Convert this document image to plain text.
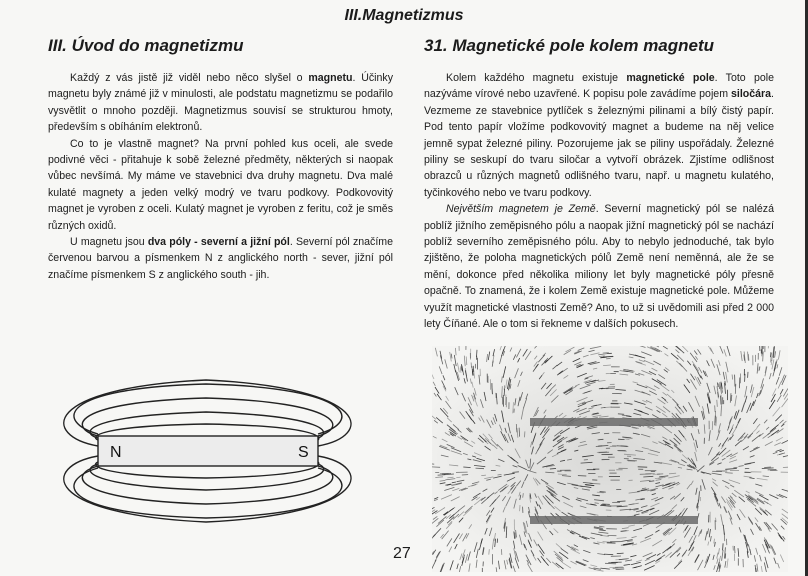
III.Magnetizmus
III. Úvod do magnetizmu

Každý z vás jistě již viděl nebo něco slyšel o magnetu. Účinky magnetu byly známé již v minulosti, ale podstatu magnetizmu se podařilo vysvětlit o mnoho později. Magnetizmus souvisí se strukturou hmoty, především s obíháním elektronů.

Co to je vlastně magnet? Na první pohled kus oceli, ale svede podivné věci - přitahuje k sobě železné předměty, některých si naopak vůbec nevšímá. My máme ve stavebnici dva druhy magnetu. Dva malé kulaté magnety a jeden velký modrý ve tvaru podkovy. Podkovovitý magnet je vyroben z oceli. Kulatý magnet je vyroben z feritu, což je směs různých oxidů.

U magnetu jsou dva póly - severní a jižní pól. Severní pól značíme červenou barvou a písmenkem N z anglického north - sever, jižní pól značíme písmenkem S z anglického south - jih.

N	S
31. Magnetické pole kolem magnetu

Kolem každého magnetu existuje magnetické pole. Toto pole nazýváme vírové nebo uzavřené. K popisu pole zavádíme pojem siločára. Vezmeme ze stavebnice pytlíček s železnými pilinami a bílý čistý papír. Pod tento papír vložíme podkovovitý magnet a budeme na něj velice jemně sypat železné piliny. Pozorujeme jak se piliny uspořádaly. Železné piliny se seskupí do tvaru siločar a vytvoří obrázek. Zjistíme odlišnost obrazců u různých magnetů odlišného tvaru, např. u magnetu kulatého, tyčinkového nebo ve tvaru podkovy.

Největším magnetem je Země. Severní magnetický pól se nalézá poblíž jižního zeměpisného pólu a naopak jižní magnetický pól se nachází poblíž severního zeměpisného pólu. Aby to nebylo jednoduché, tak bylo zjištěno, že poloha magnetických pólů Země není neměnná, ale že se mění, dokonce před několika miliony let byly magnetické póly přesně opačně. To znamená, že i kolem Země existuje magnetické pole. Můžeme využít magnetické vlastnosti Země? Ano, to už si uvědomili asi před 2 000 lety Číňané. Ale o tom si řekneme v dalších pokusech.

27
